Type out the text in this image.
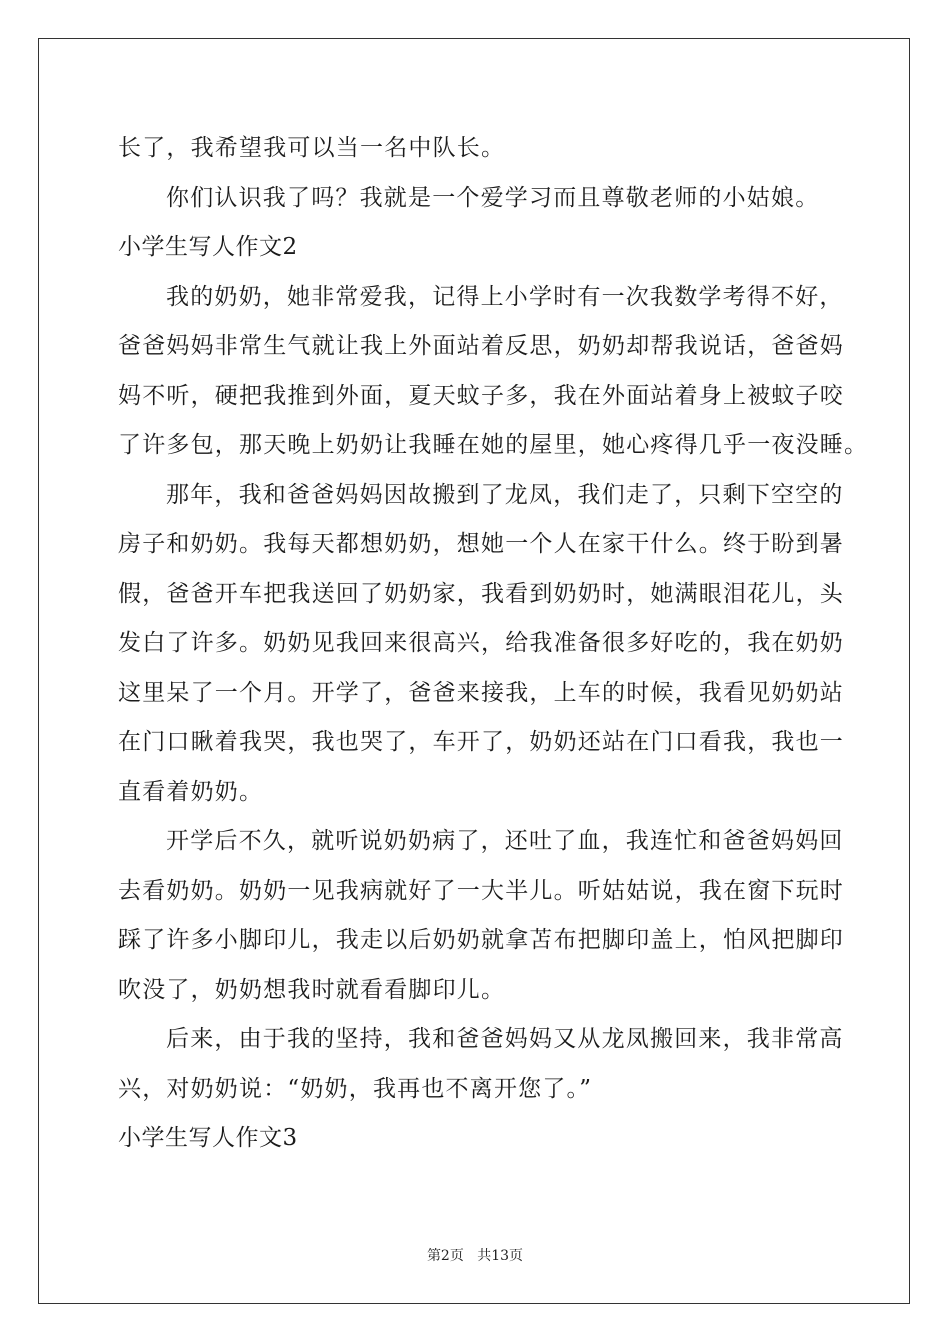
长了，我希望我可以当一名中队长。
你们认识我了吗？我就是一个爱学习而且尊敬老师的小姑娘。
小学生写人作文2
我的奶奶，她非常爱我，记得上小学时有一次我数学考得不好，
爸爸妈妈非常生气就让我上外面站着反思，奶奶却帮我说话，爸爸妈
妈不听，硬把我推到外面，夏天蚊子多，我在外面站着身上被蚊子咬
了许多包，那天晚上奶奶让我睡在她的屋里，她心疼得几乎一夜没睡。
那年，我和爸爸妈妈因故搬到了龙凤，我们走了，只剩下空空的
房子和奶奶。我每天都想奶奶，想她一个人在家干什么。终于盼到暑
假，爸爸开车把我送回了奶奶家，我看到奶奶时，她满眼泪花儿，头
发白了许多。奶奶见我回来很高兴，给我准备很多好吃的，我在奶奶
这里呆了一个月。开学了，爸爸来接我，上车的时候，我看见奶奶站
在门口瞅着我哭，我也哭了，车开了，奶奶还站在门口看我，我也一
直看着奶奶。
开学后不久，就听说奶奶病了，还吐了血，我连忙和爸爸妈妈回
去看奶奶。奶奶一见我病就好了一大半儿。听姑姑说，我在窗下玩时
踩了许多小脚印儿，我走以后奶奶就拿苫布把脚印盖上，怕风把脚印
吹没了，奶奶想我时就看看脚印儿。
后来，由于我的坚持，我和爸爸妈妈又从龙凤搬回来，我非常高
兴，对奶奶说：“奶奶，我再也不离开您了。”
小学生写人作文3
第2页 共13页
